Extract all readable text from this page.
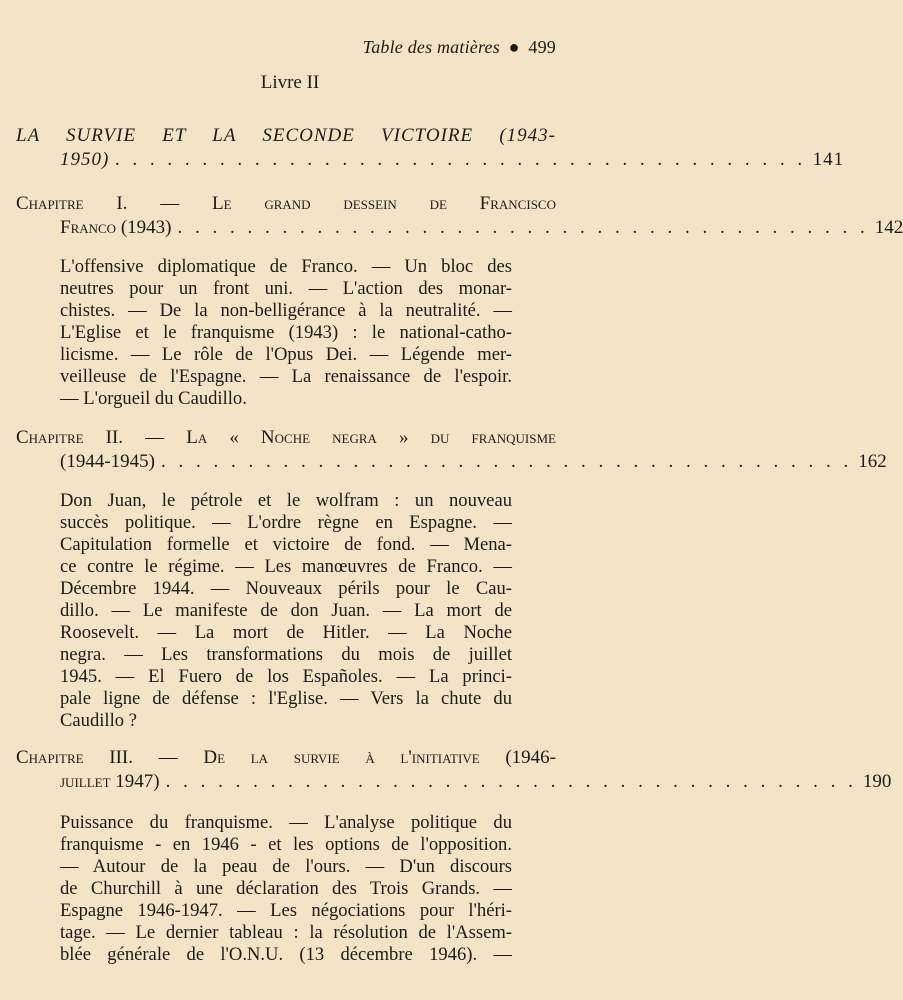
Table des matières ● 499
Livre II
LA SURVIE ET LA SECONDE VICTOIRE (1943-
1950) . . . . . . . . . . . . . . . . . . . . . . . . . . . . . . . . . . . . . . . . 141
Chapitre I. — Le grand dessein de Francisco
Franco (1943) . . . . . . . . . . . . . . . . . . . . . . . . . . . . . . . . . . . . . . . . 142
L'offensive diplomatique de Franco. — Un bloc des
neutres pour un front uni. — L'action des monar-
chistes. — De la non-belligérance à la neutralité. —
L'Eglise et le franquisme (1943) : le national-catho-
licisme. — Le rôle de l'Opus Dei. — Légende mer-
veilleuse de l'Espagne. — La renaissance de l'espoir.
— L'orgueil du Caudillo.
Chapitre II. — La « Noche negra » du franquisme
(1944-1945) . . . . . . . . . . . . . . . . . . . . . . . . . . . . . . . . . . . . . . . . 162
Don Juan, le pétrole et le wolfram : un nouveau
succès politique. — L'ordre règne en Espagne. —
Capitulation formelle et victoire de fond. — Mena-
ce contre le régime. — Les manœuvres de Franco. —
Décembre 1944. — Nouveaux périls pour le Cau-
dillo. — Le manifeste de don Juan. — La mort de
Roosevelt. — La mort de Hitler. — La Noche
negra. — Les transformations du mois de juillet
1945. — El Fuero de los Españoles. — La princi-
pale ligne de défense : l'Eglise. — Vers la chute du
Caudillo ?
Chapitre III. — De la survie à l'initiative (1946-
juillet 1947) . . . . . . . . . . . . . . . . . . . . . . . . . . . . . . . . . . . . . . . . 190
Puissance du franquisme. — L'analyse politique du
franquisme - en 1946 - et les options de l'opposition.
— Autour de la peau de l'ours. — D'un discours
de Churchill à une déclaration des Trois Grands. —
Espagne 1946-1947. — Les négociations pour l'héri-
tage. — Le dernier tableau : la résolution de l'Assem-
blée générale de l'O.N.U. (13 décembre 1946). —
